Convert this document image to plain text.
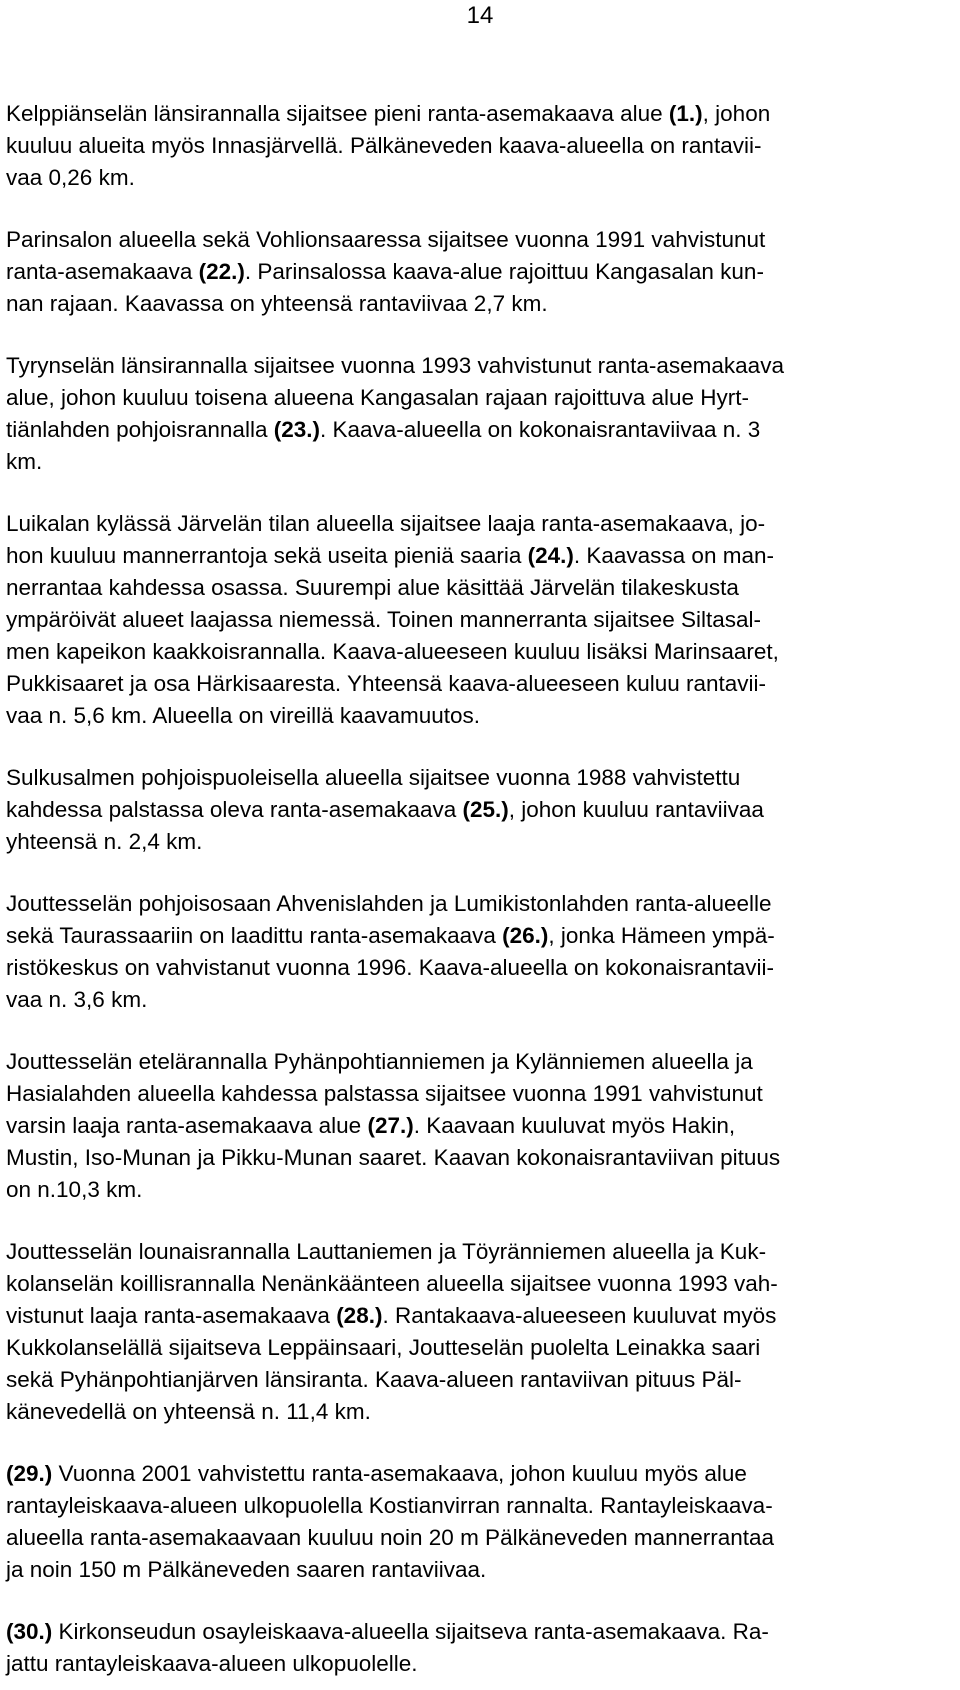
14

Kelppiänselän länsirannalla sijaitsee pieni ranta-asemakaava alue (1.), johon
kuuluu alueita myös Innasjärvellä. Pälkäneveden kaava-alueella on rantavii-
vaa 0,26 km.

Parinsalon alueella sekä Vohlionsaaressa sijaitsee vuonna 1991 vahvistunut
ranta-asemakaava (22.). Parinsalossa kaava-alue rajoittuu Kangasalan kun-
nan rajaan. Kaavassa on yhteensä rantaviivaa 2,7 km.

Tyrynselän länsirannalla sijaitsee vuonna 1993 vahvistunut ranta-asemakaava
alue, johon kuuluu toisena alueena Kangasalan rajaan rajoittuva alue Hyrt-
tiänlahden pohjoisrannalla (23.). Kaava-alueella on kokonaisrantaviivaa n. 3
km.

Luikalan kylässä Järvelän tilan alueella sijaitsee laaja ranta-asemakaava, jo-
hon kuuluu mannerrantoja sekä useita pieniä saaria (24.). Kaavassa on man-
nerrantaa kahdessa osassa. Suurempi alue käsittää Järvelän tilakeskusta
ympäröivät alueet laajassa niemessä. Toinen mannerranta sijaitsee Siltasal-
men kapeikon kaakkoisrannalla. Kaava-alueeseen kuuluu lisäksi Marinsaaret,
Pukkisaaret ja osa Härkisaaresta. Yhteensä kaava-alueeseen kuluu rantavii-
vaa n. 5,6 km. Alueella on vireillä kaavamuutos.

Sulkusalmen pohjoispuoleisella alueella sijaitsee vuonna 1988 vahvistettu
kahdessa palstassa oleva ranta-asemakaava (25.), johon kuuluu rantaviivaa
yhteensä n. 2,4 km.

Jouttesselän pohjoisosaan Ahvenislahden ja Lumikistonlahden ranta-alueelle
sekä Taurassaariin on laadittu ranta-asemakaava (26.), jonka Hämeen ympä-
ristökeskus on vahvistanut vuonna 1996. Kaava-alueella on kokonaisrantavii-
vaa n. 3,6 km.

Jouttesselän etelärannalla Pyhänpohtianniemen ja Kylänniemen alueella ja
Hasialahden alueella kahdessa palstassa sijaitsee vuonna 1991 vahvistunut
varsin laaja ranta-asemakaava alue (27.). Kaavaan kuuluvat myös Hakin,
Mustin, Iso-Munan ja Pikku-Munan saaret. Kaavan kokonaisrantaviivan pituus
on n.10,3 km.

Jouttesselän lounaisrannalla Lauttaniemen ja Töyränniemen alueella ja Kuk-
kolanselän koillisrannalla Nenänkäänteen alueella sijaitsee vuonna 1993 vah-
vistunut laaja ranta-asemakaava (28.). Rantakaava-alueeseen kuuluvat myös
Kukkolanselällä sijaitseva Leppäinsaari, Joutteselän puolelta Leinakka saari
sekä Pyhänpohtianjärven länsiranta. Kaava-alueen rantaviivan pituus Päl-
känevedellä on yhteensä n. 11,4 km.

(29.) Vuonna 2001 vahvistettu ranta-asemakaava, johon kuuluu myös alue
rantayleiskaava-alueen ulkopuolella Kostianvirran rannalta. Rantayleiskaava-
alueella ranta-asemakaavaan kuuluu noin 20 m Pälkäneveden mannerrantaa
ja noin 150 m Pälkäneveden saaren rantaviivaa.

(30.) Kirkonseudun osayleiskaava-alueella sijaitseva ranta-asemakaava. Ra-
jattu rantayleiskaava-alueen ulkopuolelle.
